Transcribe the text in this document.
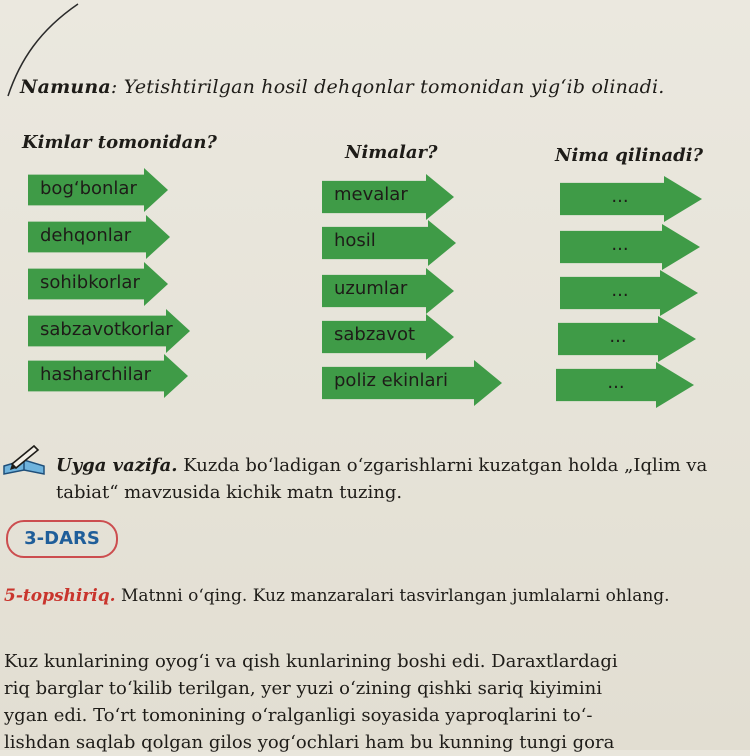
Namuna: Yetishtirilgan hosil dehqonlar tomonidan yig‘ib olinadi.
Kimlar tomonidan?	Nimalar?	Nima qilinadi?
bog‘bonlar
dehqonlar
sohibkorlar
sabzavotkorlar
hasharchilar
mevalar
hosil
uzumlar
sabzavot
poliz ekinlari
...
...
...
...
...
Uyga vazifa. Kuzda bo‘ladigan o‘zgarishlarni kuzatgan holda „Iqlim va tabiat“ mavzusida kichik matn tuzing.
3-DARS
5-topshiriq. Matnni o‘qing. Kuz manzaralari tasvirlangan jumlalarni ohlang.

Kuz kunlarining oyog‘i va qish kunlarining boshi edi. Daraxtlardagi

riq barglar to‘kilib terilgan, yer yuzi o‘zining qishki sariq kiyimini

ygan edi. To‘rt tomonining o‘ralganligi soyasida yaproqlarini to‘-

lishdan saqlab qolgan gilos yog‘ochlari ham bu kunning tungi gora
